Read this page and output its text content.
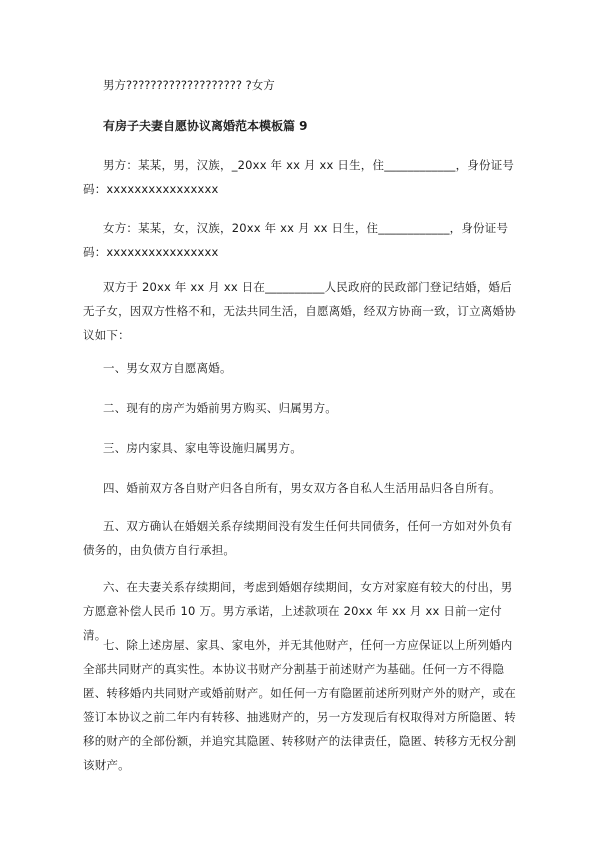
男方??????????????????? ?女方
有房子夫妻自愿协议离婚范本模板篇 9
男方：某某，男，汉族，_20xx 年 xx 月 xx 日生，住____________，身份证号码：xxxxxxxxxxxxxxxx
女方：某某，女，汉族，20xx 年 xx 月 xx 日生，住____________，身份证号码：xxxxxxxxxxxxxxxx
双方于 20xx 年 xx 月 xx 日在__________人民政府的民政部门登记结婚，婚后无子女，因双方性格不和，无法共同生活，自愿离婚，经双方协商一致，订立离婚协议如下：
一、男女双方自愿离婚。
二、现有的房产为婚前男方购买、归属男方。
三、房内家具、家电等设施归属男方。
四、婚前双方各自财产归各自所有，男女双方各自私人生活用品归各自所有。
五、双方确认在婚姻关系存续期间没有发生任何共同债务，任何一方如对外负有债务的，由负债方自行承担。
六、在夫妻关系存续期间，考虑到婚姻存续期间，女方对家庭有较大的付出，男方愿意补偿人民币 10 万。男方承诺，上述款项在 20xx 年 xx 月 xx 日前一定付清。
七、除上述房屋、家具、家电外，并无其他财产，任何一方应保证以上所列婚内全部共同财产的真实性。本协议书财产分割基于前述财产为基础。任何一方不得隐匿、转移婚内共同财产或婚前财产。如任何一方有隐匿前述所列财产外的财产，或在签订本协议之前二年内有转移、抽逃财产的，另一方发现后有权取得对方所隐匿、转移的财产的全部份额，并追究其隐匿、转移财产的法律责任，隐匿、转移方无权分割该财产。
